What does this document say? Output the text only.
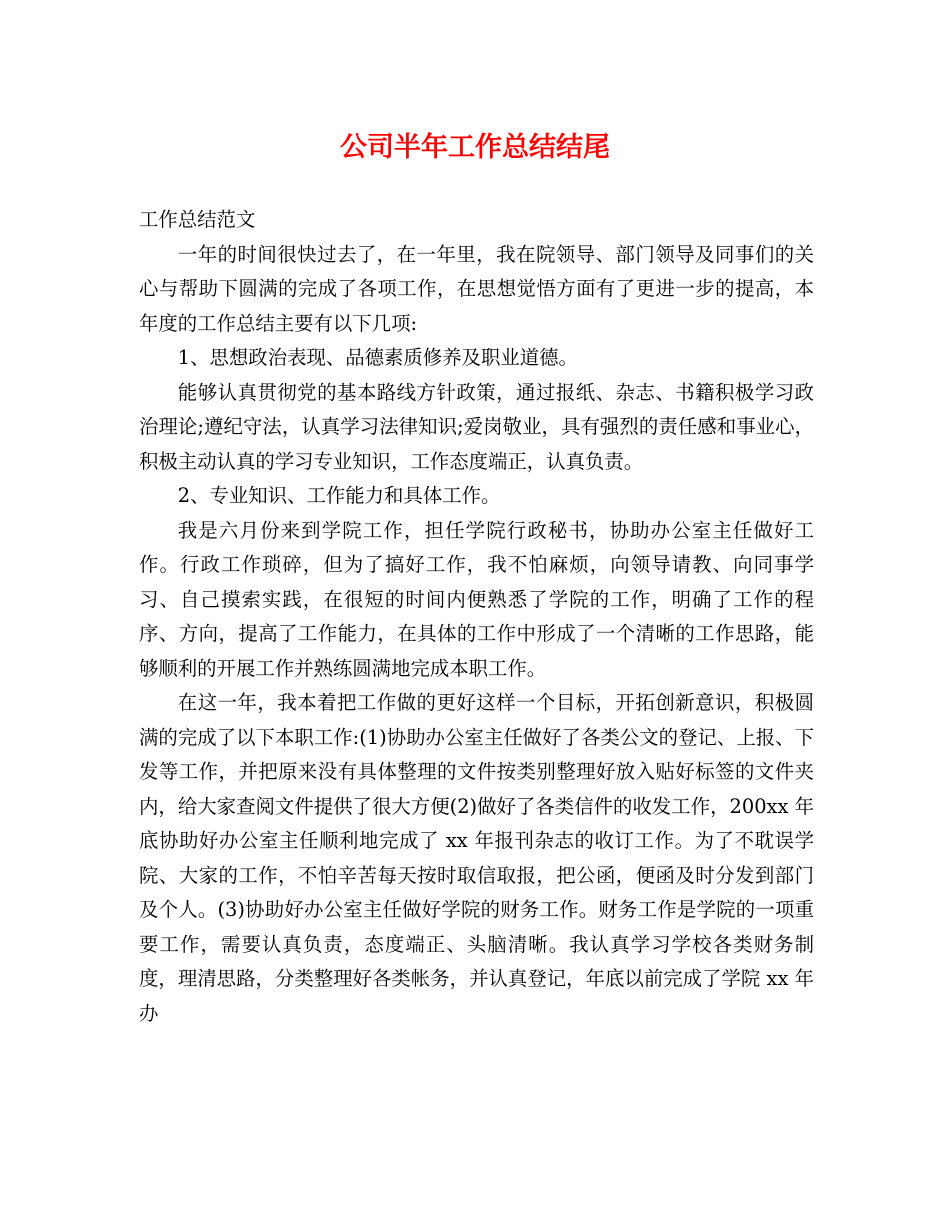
公司半年工作总结结尾

工作总结范文

一年的时间很快过去了，在一年里，我在院领导、部门领导及同事们的关心与帮助下圆满的完成了各项工作，在思想觉悟方面有了更进一步的提高，本年度的工作总结主要有以下几项:

1、思想政治表现、品德素质修养及职业道德。

能够认真贯彻党的基本路线方针政策，通过报纸、杂志、书籍积极学习政治理论;遵纪守法，认真学习法律知识;爱岗敬业，具有强烈的责任感和事业心，积极主动认真的学习专业知识，工作态度端正，认真负责。

2、专业知识、工作能力和具体工作。

我是六月份来到学院工作，担任学院行政秘书，协助办公室主任做好工作。行政工作琐碎，但为了搞好工作，我不怕麻烦，向领导请教、向同事学习、自己摸索实践，在很短的时间内便熟悉了学院的工作，明确了工作的程序、方向，提高了工作能力，在具体的工作中形成了一个清晰的工作思路，能够顺利的开展工作并熟练圆满地完成本职工作。

在这一年，我本着把工作做的更好这样一个目标，开拓创新意识，积极圆满的完成了以下本职工作:(1)协助办公室主任做好了各类公文的登记、上报、下发等工作，并把原来没有具体整理的文件按类别整理好放入贴好标签的文件夹内，给大家查阅文件提供了很大方便(2)做好了各类信件的收发工作，200xx 年底协助好办公室主任顺利地完成了 xx 年报刊杂志的收订工作。为了不耽误学院、大家的工作，不怕辛苦每天按时取信取报，把公函，便函及时分发到部门及个人。(3)协助好办公室主任做好学院的财务工作。财务工作是学院的一项重要工作，需要认真负责，态度端正、头脑清晰。我认真学习学校各类财务制度，理清思路，分类整理好各类帐务，并认真登记，年底以前完成了学院 xx 年办
